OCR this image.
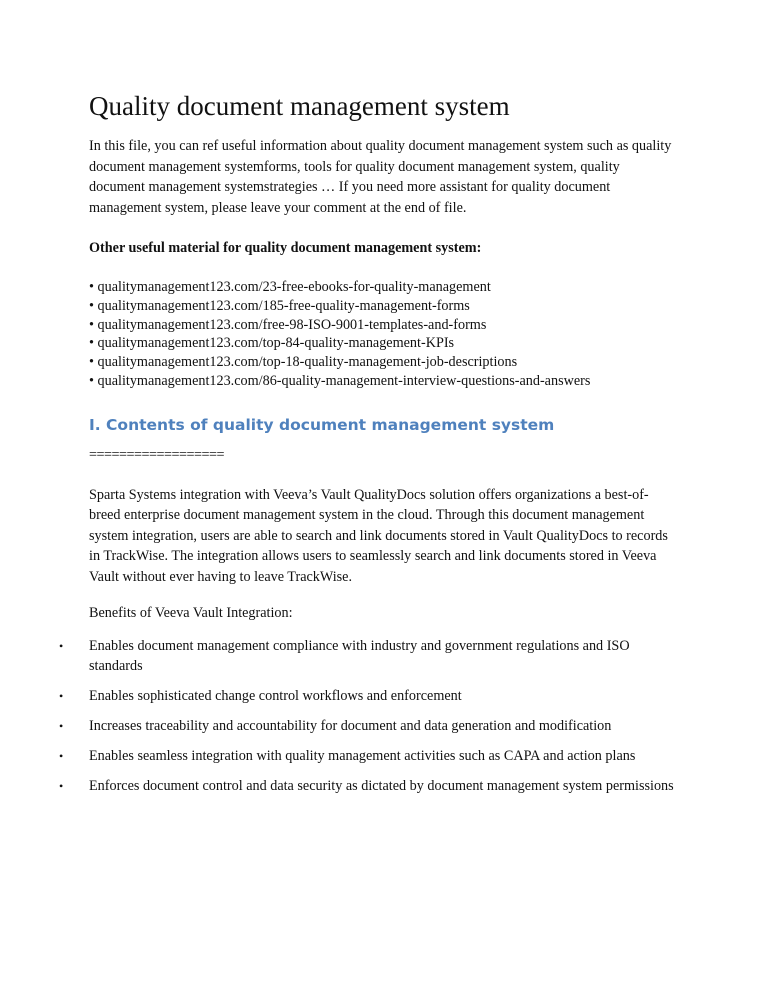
Quality document management system

In this file, you can ref useful information about quality document management system such as quality document management systemforms, tools for quality document management system, quality document management systemstrategies … If you need more assistant for quality document management system, please leave your comment at the end of file.

Other useful material for quality document management system:

• qualitymanagement123.com/23-free-ebooks-for-quality-management
• qualitymanagement123.com/185-free-quality-management-forms
• qualitymanagement123.com/free-98-ISO-9001-templates-and-forms
• qualitymanagement123.com/top-84-quality-management-KPIs
• qualitymanagement123.com/top-18-quality-management-job-descriptions
• qualitymanagement123.com/86-quality-management-interview-questions-and-answers
I. Contents of quality document management system

==================

Sparta Systems integration with Veeva’s Vault QualityDocs solution offers organizations a best-of-breed enterprise document management system in the cloud. Through this document management system integration, users are able to search and link documents stored in Vault QualityDocs to records in TrackWise. The integration allows users to seamlessly search and link documents stored in Veeva Vault without ever having to leave TrackWise.

Benefits of Veeva Vault Integration:

• Enables document management compliance with industry and government regulations and ISO standards
• Enables sophisticated change control workflows and enforcement
• Increases traceability and accountability for document and data generation and modification
• Enables seamless integration with quality management activities such as CAPA and action plans
• Enforces document control and data security as dictated by document management system permissions
